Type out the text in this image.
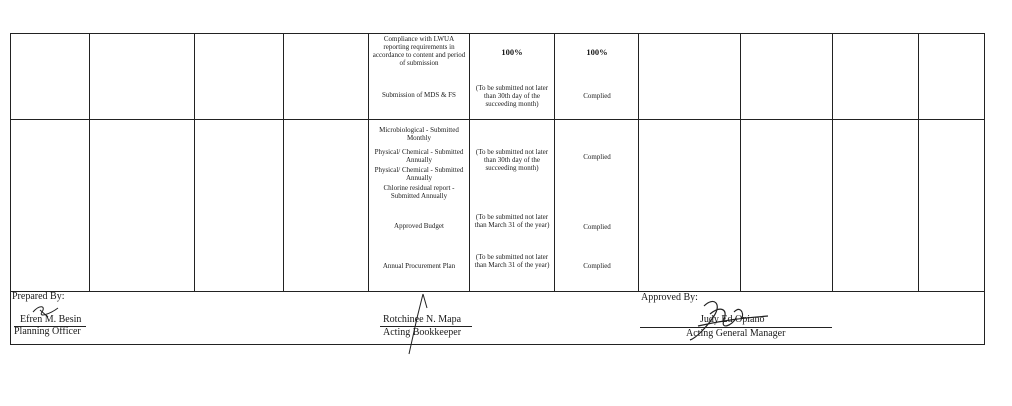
Compliance with LWUA reporting requirements in accordance to content and period of submission
Submission of MDS & FS
100%
(To be submitted not later than 30th day of the succeeding month)
100%
Complied
Microbiological - Submitted Monthly
Physical/ Chemical - Submitted Annually
Physical/ Chemical - Submitted Annually
Chlorine residual report - Submitted Annually
(To be submitted not later than 30th day of the succeeding month)
Complied
Approved Budget
(To be submitted not later than March 31 of the year)	Complied
Annual Procurement Plan
(To be submitted not later than March 31 of the year)	Complied
Prepared By:
Efren M. Besin
Planning Officer
Rotchinee N. Mapa
Acting Bookkeeper
Approved By:
Judy Ed Opiano
Acting General Manager
